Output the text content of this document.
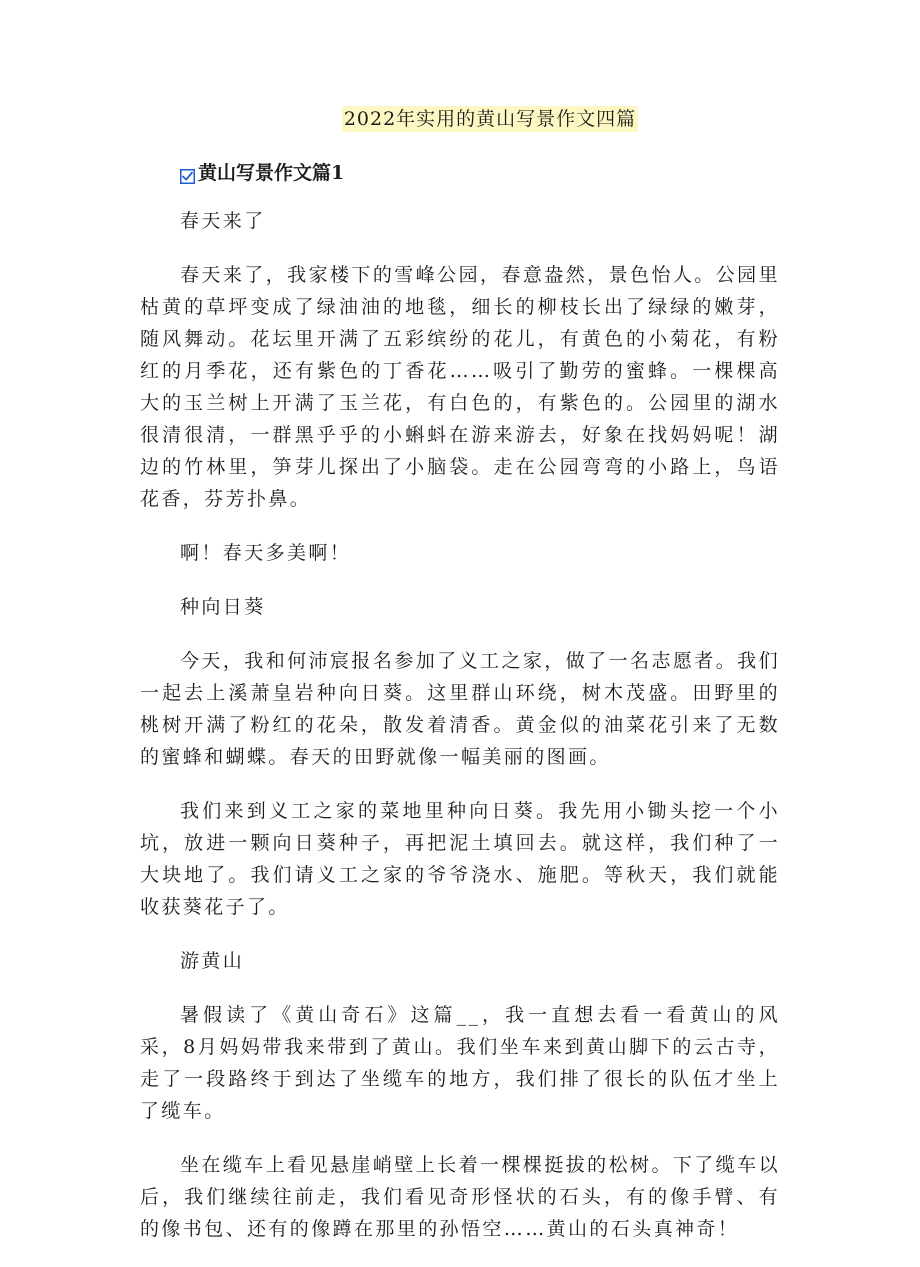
2022年实用的黄山写景作文四篇
黄山写景作文篇1

春天来了

春天来了，我家楼下的雪峰公园，春意盎然，景色怡人。公园里枯黄的草坪变成了绿油油的地毯，细长的柳枝长出了绿绿的嫩芽，随风舞动。花坛里开满了五彩缤纷的花儿，有黄色的小菊花，有粉红的月季花，还有紫色的丁香花……吸引了勤劳的蜜蜂。一棵棵高大的玉兰树上开满了玉兰花，有白色的，有紫色的。公园里的湖水很清很清，一群黑乎乎的小蝌蚪在游来游去，好象在找妈妈呢！湖边的竹林里，笋芽儿探出了小脑袋。走在公园弯弯的小路上，鸟语花香，芬芳扑鼻。

啊！春天多美啊！

种向日葵

今天，我和何沛宸报名参加了义工之家，做了一名志愿者。我们一起去上溪萧皇岩种向日葵。这里群山环绕，树木茂盛。田野里的桃树开满了粉红的花朵，散发着清香。黄金似的油菜花引来了无数的蜜蜂和蝴蝶。春天的田野就像一幅美丽的图画。

我们来到义工之家的菜地里种向日葵。我先用小锄头挖一个小坑，放进一颗向日葵种子，再把泥土填回去。就这样，我们种了一大块地了。我们请义工之家的爷爷浇水、施肥。等秋天，我们就能收获葵花子了。

游黄山

暑假读了《黄山奇石》这篇__，我一直想去看一看黄山的风采，8月妈妈带我来带到了黄山。我们坐车来到黄山脚下的云古寺，走了一段路终于到达了坐缆车的地方，我们排了很长的队伍才坐上了缆车。

坐在缆车上看见悬崖峭壁上长着一棵棵挺拔的松树。下了缆车以后，我们继续往前走，我们看见奇形怪状的石头，有的像手臂、有的像书包、还有的像蹲在那里的孙悟空……黄山的石头真神奇！
